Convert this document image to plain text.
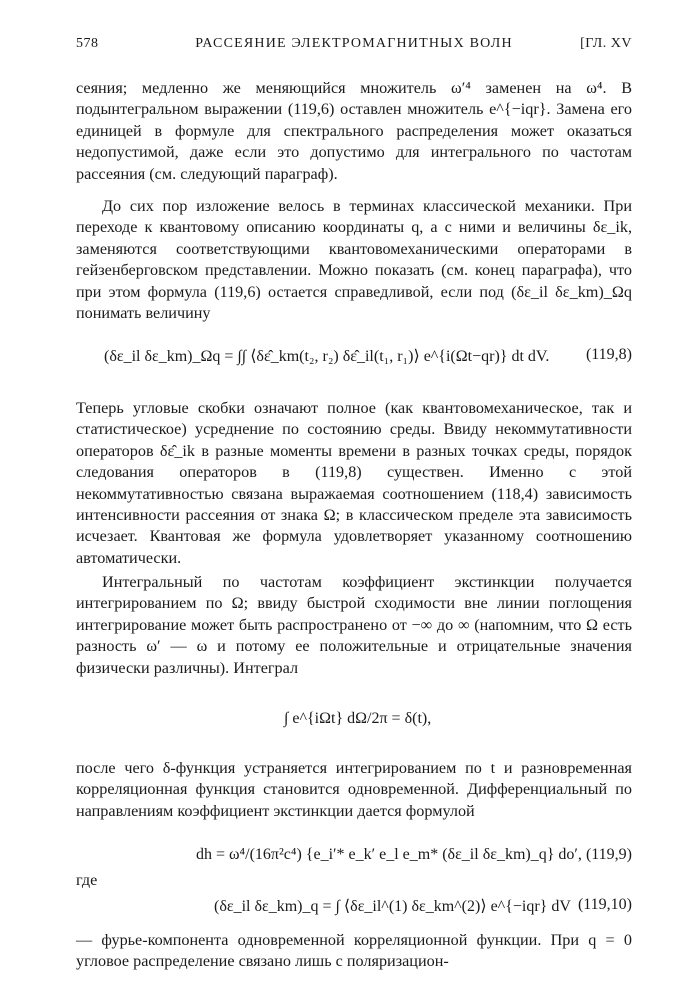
578	РАССЕЯНИЕ ЭЛЕКТРОМАГНИТНЫХ ВОЛН	[ГЛ. XV

сеяния; медленно же меняющийся множитель ω′⁴ заменен на ω⁴. В подынтегральном выражении (119,6) оставлен множитель e^{−iqr}. Замена его единицей в формуле для спектрального распределения может оказаться недопустимой, даже если это допустимо для интегрального по частотам рассеяния (см. следующий параграф).

До сих пор изложение велось в терминах классической механики. При переходе к квантовому описанию координаты q, а с ними и величины δε_ik, заменяются соответствующими квантовомеханическими операторами в гейзенберговском представлении. Можно показать (см. конец параграфа), что при этом формула (119,6) остается справедливой, если под (δε_il δε_km)_Ωq понимать величину

(δε_il δε_km)_Ωq = ∫∫ ⟨δε̂_km(t₂, r₂) δε̂_il(t₁, r₁)⟩ e^{i(Ωt−qr)} dt dV. (119,8)

Теперь угловые скобки означают полное (как квантовомеханическое, так и статистическое) усреднение по состоянию среды. Ввиду некоммутативности операторов δε̂_ik в разные моменты времени в разных точках среды, порядок следования операторов в (119,8) существен. Именно с этой некоммутативностью связана выражаемая соотношением (118,4) зависимость интенсивности рассеяния от знака Ω; в классическом пределе эта зависимость исчезает. Квантовая же формула удовлетворяет указанному соотношению автоматически.

Интегральный по частотам коэффициент экстинкции получается интегрированием по Ω; ввиду быстрой сходимости вне линии поглощения интегрирование может быть распространено от −∞ до ∞ (напомним, что Ω есть разность ω′ — ω и потому ее положительные и отрицательные значения физически различны). Интеграл

∫ e^{iΩt} dΩ/2π = δ(t),

после чего δ-функция устраняется интегрированием по t и разновременная корреляционная функция становится одновременной. Дифференциальный по направлениям коэффициент экстинкции дается формулой

dh = ω⁴/(16π²c⁴) {e_i′* e_k′ e_l e_m* (δε_il δε_km)_q} do′, (119,9)

где

(δε_il δε_km)_q = ∫ ⟨δε_il^(1) δε_km^(2)⟩ e^{−iqr} dV (119,10)

— фурье-компонента одновременной корреляционной функции. При q = 0 угловое распределение связано лишь с поляризацион-
